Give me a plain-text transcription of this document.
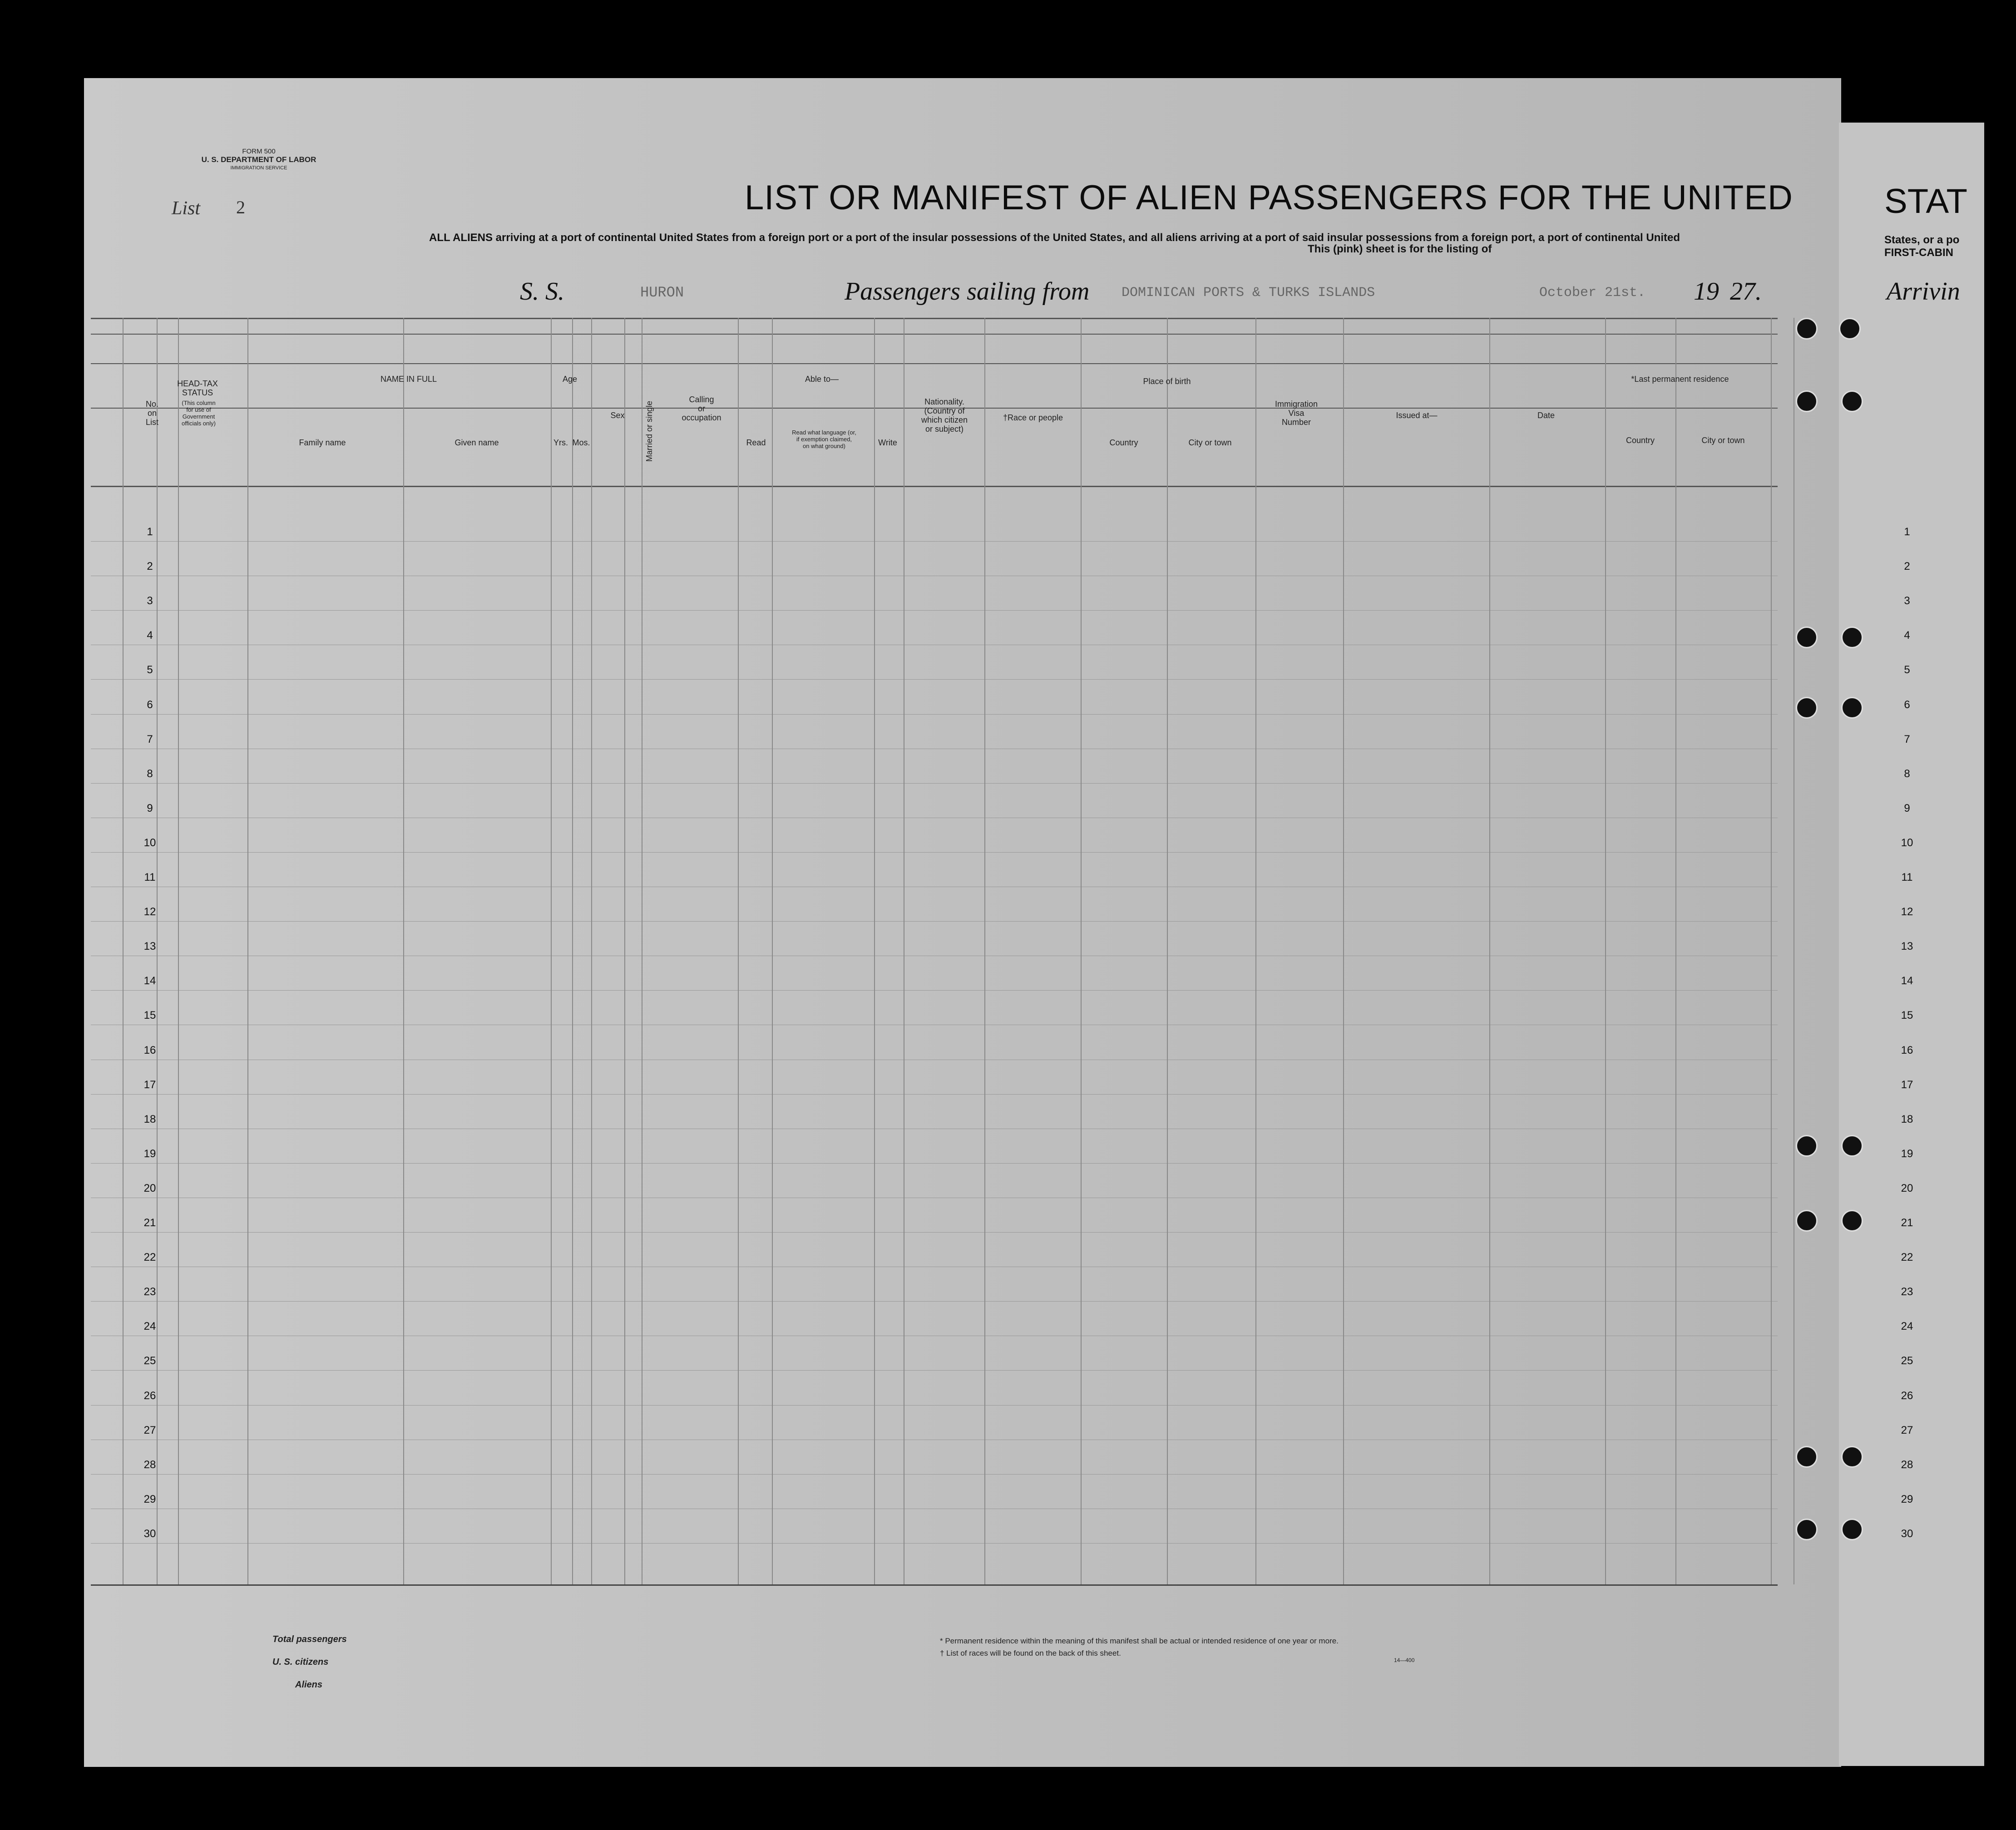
FORM 500
U. S. DEPARTMENT OF LABOR
IMMIGRATION SERVICE
List 2	LIST OR MANIFEST OF ALIEN PASSENGERS FOR THE UNITED	STAT
ALL ALIENS arriving at a port of continental United States from a foreign port or a port of the insular possessions of the United States, and all aliens arriving at a port of said insular possessions from a foreign port, a port of continental United
This (pink) sheet is for the listing of
States, or a po
FIRST-CABIN
S. S.	HURON	Passengers sailing from DOMINICAN PORTS & TURKS ISLANDS	October 21st. 19 27.	Arrivin
HEAD-TAX
STATUS
(This column
for use of
Government
officials only)
No.
on
List
NAME IN FULL
Family name	Given name
Age
Yrs. Mos.
Sex Married or single
Calling
or
occupation
Able to—
Read
Read what language (or,
if exemption claimed,
on what ground)	Write
Nationality.
(Country of
which citizen
or subject)
†Race or people
Place of birth
Country	City or town
Immigration
Visa
Number
Issued at—	Date
*Last permanent residence
Country	City or town
1	1
2	2
3	3
4	4
5	5
6	6
7	7
8	8
9	9
10	10
11	11
12	12
13	13
14	14
15	15
16	16
17	17
18	18
19	19
20	20
21	21
22	22
23	23
24	24
25	25
26	26
27	27
28	28
29	29
30	30
Total passengers
U. S. citizens
Aliens
* Permanent residence within the meaning of this manifest shall be actual or intended residence of one year or more.
† List of races will be found on the back of this sheet.
14—400
